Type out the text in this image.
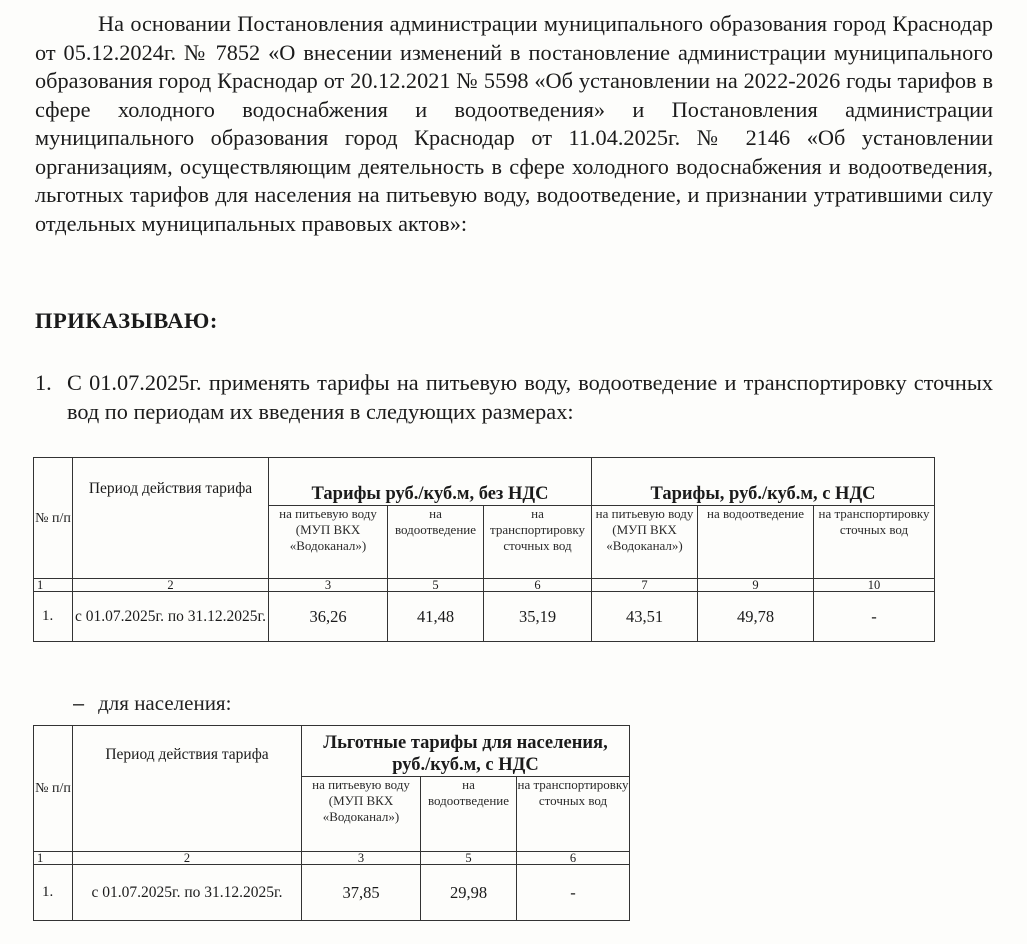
На основании Постановления администрации муниципального образования город Краснодар от 05.12.2024г. № 7852 «О внесении изменений в постановление администрации муниципального образования город Краснодар от 20.12.2021 № 5598 «Об установлении на 2022-2026 годы тарифов в сфере холодного водоснабжения и водоотведения» и Постановления администрации муниципального образования город Краснодар от 11.04.2025г. № 2146 «Об установлении организациям, осуществляющим деятельность в сфере холодного водоснабжения и водоотведения, льготных тарифов для населения на питьевую воду, водоотведение, и признании утратившими силу отдельных муниципальных правовых актов»:
ПРИКАЗЫВАЮ:
1. С 01.07.2025г. применять тарифы на питьевую воду, водоотведение и транспортировку сточных вод по периодам их введения в следующих размерах:
№ п/п	Период действия тарифа	Тарифы руб./куб.м, без НДС			Тарифы, руб./куб.м, с НДС		
		на питьевую воду (МУП ВКХ «Водоканал»)	на водоотведение	на транспортировку сточных вод	на питьевую воду (МУП ВКХ «Водоканал»)	на водоотведение	на транспортировку сточных вод
1	2	3	5	6	7	9	10
1.	с 01.07.2025г. по 31.12.2025г.	36,26	41,48	35,19	43,51	49,78	-
– для населения:
№ п/п	Период действия тарифа	Льготные тарифы для населения, руб./куб.м, с НДС		
		на питьевую воду (МУП ВКХ «Водоканал»)	на водоотведение	на транспортировку сточных вод
1	2	3	5	6
1.	с 01.07.2025г. по 31.12.2025г.	37,85	29,98	-
